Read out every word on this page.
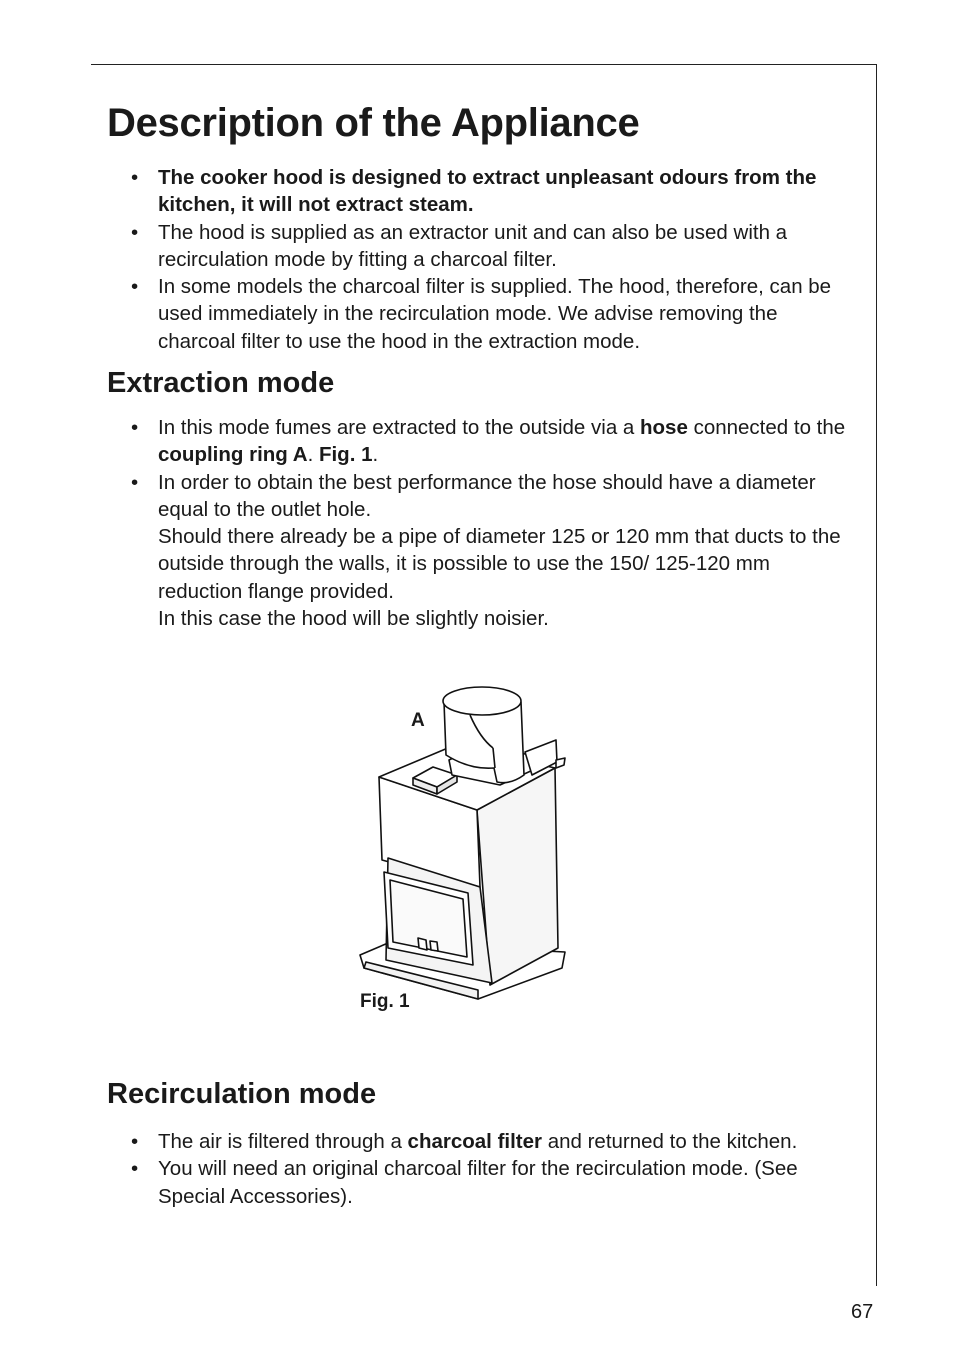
Description of the Appliance
• The cooker hood is designed to extract unpleasant odours from the kitchen, it will not extract steam.
• The hood is supplied as an extractor unit and can also be used with a recirculation mode by fitting a charcoal filter.
• In some models the charcoal filter is supplied. The hood, therefore, can be used immediately in the recirculation mode. We advise removing the charcoal filter to use the hood in the extraction mode.
Extraction mode
• In this mode fumes are extracted to the outside via a hose connected to the coupling ring A. Fig. 1.
• In order to obtain the best performance the hose should have a diameter equal to the outlet hole.
Should there already be a pipe of diameter 125 or 120 mm that ducts to the outside through the walls, it is possible to use the 150/ 125-120 mm reduction flange provided.
In this case the hood will be slightly noisier.
A
Fig. 1
Recirculation mode
• The air is filtered through a charcoal filter and returned to the kitchen.
• You will need an original charcoal filter for the recirculation mode. (See Special Accessories).
67
